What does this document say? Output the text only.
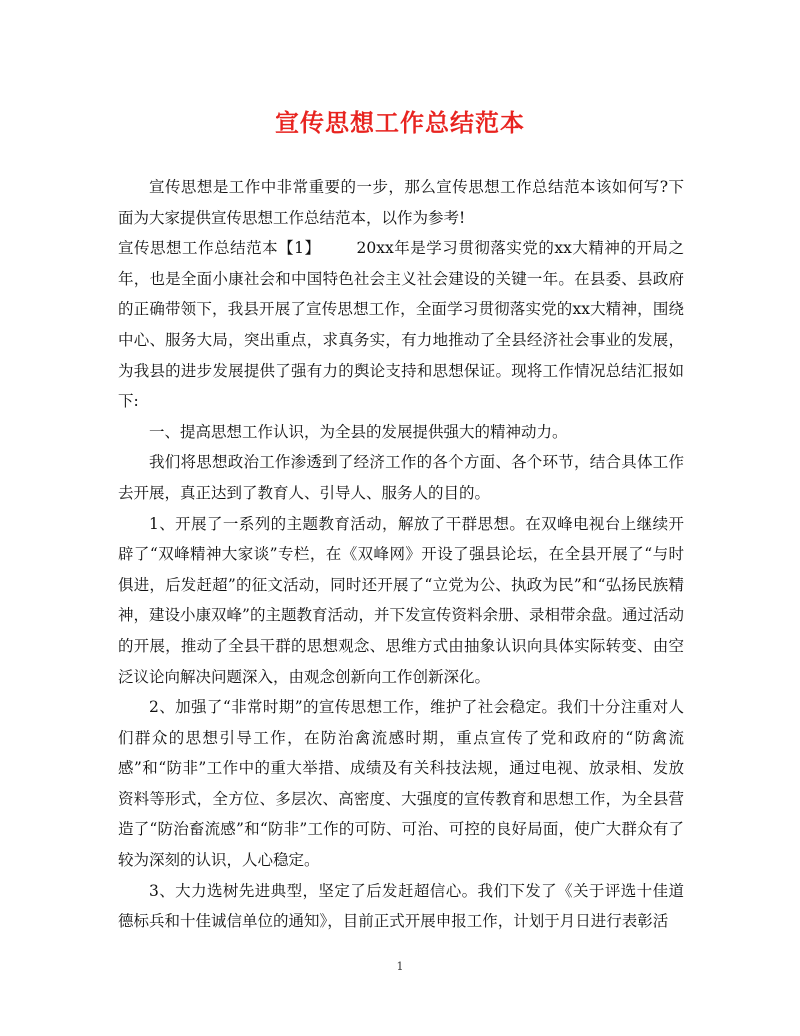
宣传思想工作总结范本

宣传思想是工作中非常重要的一步，那么宣传思想工作总结范本该如何写?下面为大家提供宣传思想工作总结范本，以作为参考!

宣传思想工作总结范本【1】 20xx年是学习贯彻落实党的xx大精神的开局之年，也是全面小康社会和中国特色社会主义社会建设的关键一年。在县委、县政府的正确带领下，我县开展了宣传思想工作，全面学习贯彻落实党的xx大精神，围绕中心、服务大局，突出重点，求真务实，有力地推动了全县经济社会事业的发展，为我县的进步发展提供了强有力的舆论支持和思想保证。现将工作情况总结汇报如下:

一、提高思想工作认识，为全县的发展提供强大的精神动力。

我们将思想政治工作渗透到了经济工作的各个方面、各个环节，结合具体工作去开展，真正达到了教育人、引导人、服务人的目的。

1、开展了一系列的主题教育活动，解放了干群思想。在双峰电视台上继续开辟了“双峰精神大家谈”专栏，在《双峰网》开设了强县论坛，在全县开展了“与时俱进，后发赶超”的征文活动，同时还开展了“立党为公、执政为民”和“弘扬民族精神，建设小康双峰”的主题教育活动，并下发宣传资料余册、录相带余盘。通过活动的开展，推动了全县干群的思想观念、思维方式由抽象认识向具体实际转变、由空泛议论向解决问题深入，由观念创新向工作创新深化。

2、加强了“非常时期”的宣传思想工作，维护了社会稳定。我们十分注重对人们群众的思想引导工作，在防治禽流感时期，重点宣传了党和政府的“防禽流感”和“防非”工作中的重大举措、成绩及有关科技法规，通过电视、放录相、发放资料等形式，全方位、多层次、高密度、大强度的宣传教育和思想工作，为全县营造了“防治畜流感”和“防非”工作的可防、可治、可控的良好局面，使广大群众有了较为深刻的认识，人心稳定。

3、大力选树先进典型，坚定了后发赶超信心。我们下发了《关于评选十佳道德标兵和十佳诚信单位的通知》，目前正式开展申报工作，计划于月日进行表彰活

1
